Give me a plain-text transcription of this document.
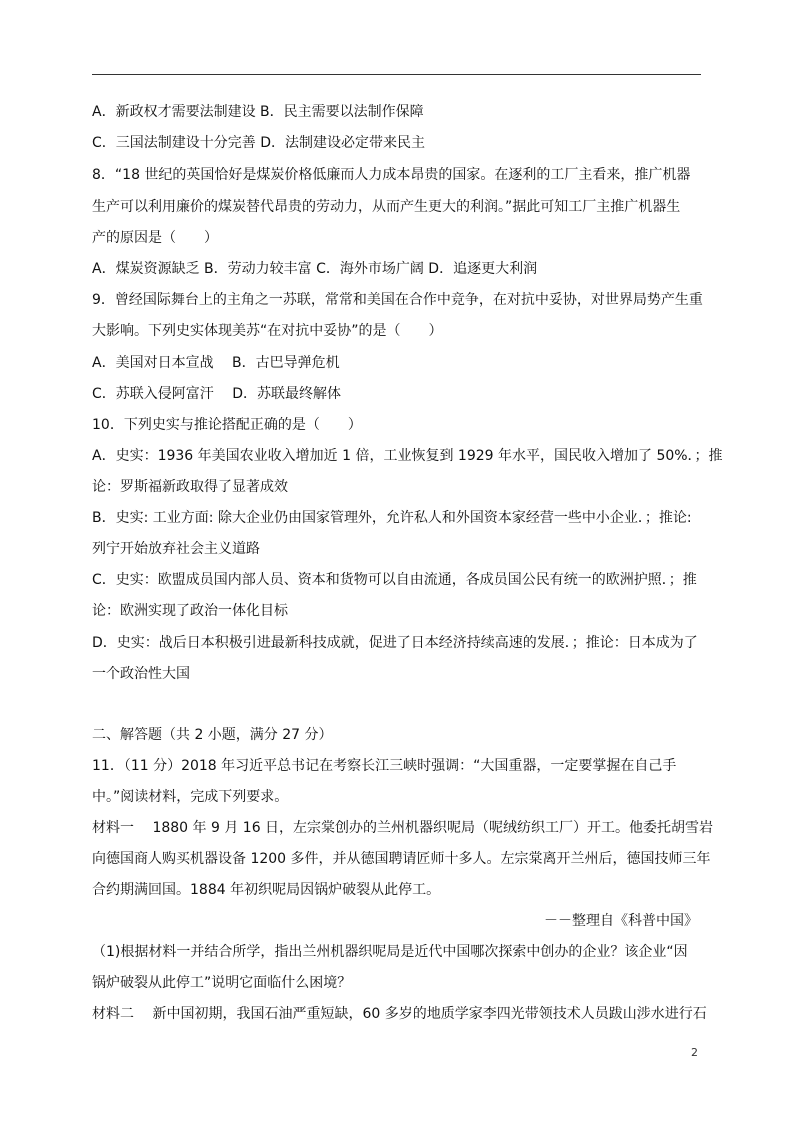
A．新政权才需要法制建设 B．民主需要以法制作保障
C．三国法制建设十分完善 D．法制建设必定带来民主
8．“18 世纪的英国恰好是煤炭价格低廉而人力成本昂贵的国家。在逐利的工厂主看来，推广机器
生产可以利用廉价的煤炭替代昂贵的劳动力，从而产生更大的利润。”据此可知工厂主推广机器生
产的原因是（　　）
A．煤炭资源缺乏 B．劳动力较丰富 C．海外市场广阔 D．追逐更大利润
9．曾经国际舞台上的主角之一苏联，常常和美国在合作中竞争，在对抗中妥协，对世界局势产生重
大影响。下列史实体现美苏“在对抗中妥协”的是（　　）
A．美国对日本宣战　 B．古巴导弹危机
C．苏联入侵阿富汗　 D．苏联最终解体
10．下列史实与推论搭配正确的是（　　）
A．史实：1936 年美国农业收入增加近 1 倍，工业恢复到 1929 年水平，国民收入增加了 50%．；推
论：罗斯福新政取得了显著成效
B．史实: 工业方面: 除大企业仍由国家管理外，允许私人和外国资本家经营一些中小企业．；推论:
列宁开始放弃社会主义道路
C．史实：欧盟成员国内部人员、资本和货物可以自由流通，各成员国公民有统一的欧洲护照．；推
论：欧洲实现了政治一体化目标
D．史实：战后日本积极引进最新科技成就，促进了日本经济持续高速的发展．；推论：日本成为了
一个政治性大国
二、解答题（共 2 小题，满分 27 分）
11．（11 分）2018 年习近平总书记在考察长江三峡时强调：“大国重器，一定要掌握在自己手
中。”阅读材料，完成下列要求。
材料一　 1880 年 9 月 16 日，左宗棠创办的兰州机器织呢局（呢绒纺织工厂）开工。他委托胡雪岩
向德国商人购买机器设备 1200 多件，并从德国聘请匠师十多人。左宗棠离开兰州后，德国技师三年
合约期满回国。1884 年初织呢局因锅炉破裂从此停工。
－－整理自《科普中国》
（1)根据材料一并结合所学，指出兰州机器织呢局是近代中国哪次探索中创办的企业？该企业“因
锅炉破裂从此停工”说明它面临什么困境？
材料二　 新中国初期，我国石油严重短缺，60 多岁的地质学家李四光带领技术人员跋山涉水进行石
2
